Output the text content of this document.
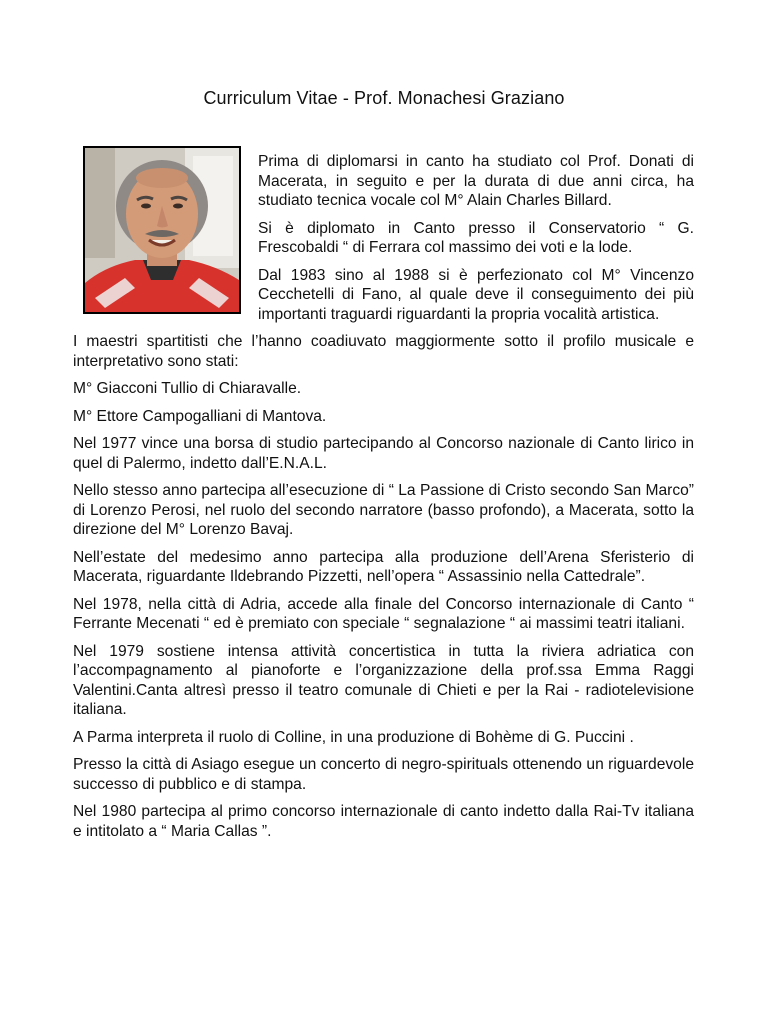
Curriculum Vitae - Prof. Monachesi Graziano

Prima di diplomarsi in canto ha studiato col Prof. Donati di Macerata, in seguito e per la durata di due anni circa, ha studiato tecnica vocale col M° Alain Charles Billard.

Si è diplomato in Canto presso il Conservatorio “ G. Frescobaldi “ di Ferrara col massimo dei voti e la lode.

Dal 1983 sino al 1988 si è perfezionato col M° Vincenzo Cecchetelli di Fano, al quale deve il conseguimento dei più importanti traguardi riguardanti la propria vocalità artistica.

I maestri spartitisti che l’hanno coadiuvato maggiormente sotto il profilo musicale e interpretativo sono stati:

M° Giacconi Tullio di Chiaravalle.

M° Ettore Campogalliani di Mantova.

Nel 1977 vince una borsa di studio partecipando al Concorso nazionale di Canto lirico in quel di Palermo, indetto dall’E.N.A.L.

Nello stesso anno partecipa all’esecuzione di “ La Passione di Cristo secondo San Marco” di Lorenzo Perosi, nel ruolo del secondo narratore (basso profondo), a Macerata, sotto la direzione del M° Lorenzo Bavaj.

Nell’estate del medesimo anno partecipa alla produzione dell’Arena Sferisterio di Macerata, riguardante Ildebrando Pizzetti, nell’opera “ Assassinio nella Cattedrale”.

Nel 1978, nella città di Adria, accede alla finale del Concorso internazionale di Canto “ Ferrante Mecenati “ ed è premiato con speciale “ segnalazione “ ai massimi teatri italiani.

Nel 1979 sostiene intensa attività concertistica in tutta la riviera adriatica con l’accompagnamento al pianoforte e l’organizzazione della prof.ssa Emma Raggi Valentini.Canta altresì presso il teatro comunale di Chieti e per la Rai - radiotelevisione italiana.

A Parma interpreta il ruolo di Colline, in una produzione di Bohème di G. Puccini .

Presso la città di Asiago esegue un concerto di negro-spirituals ottenendo un riguardevole successo di pubblico e di stampa.

Nel 1980 partecipa al primo concorso internazionale di canto indetto dalla Rai-Tv italiana e intitolato a “ Maria Callas ”.
